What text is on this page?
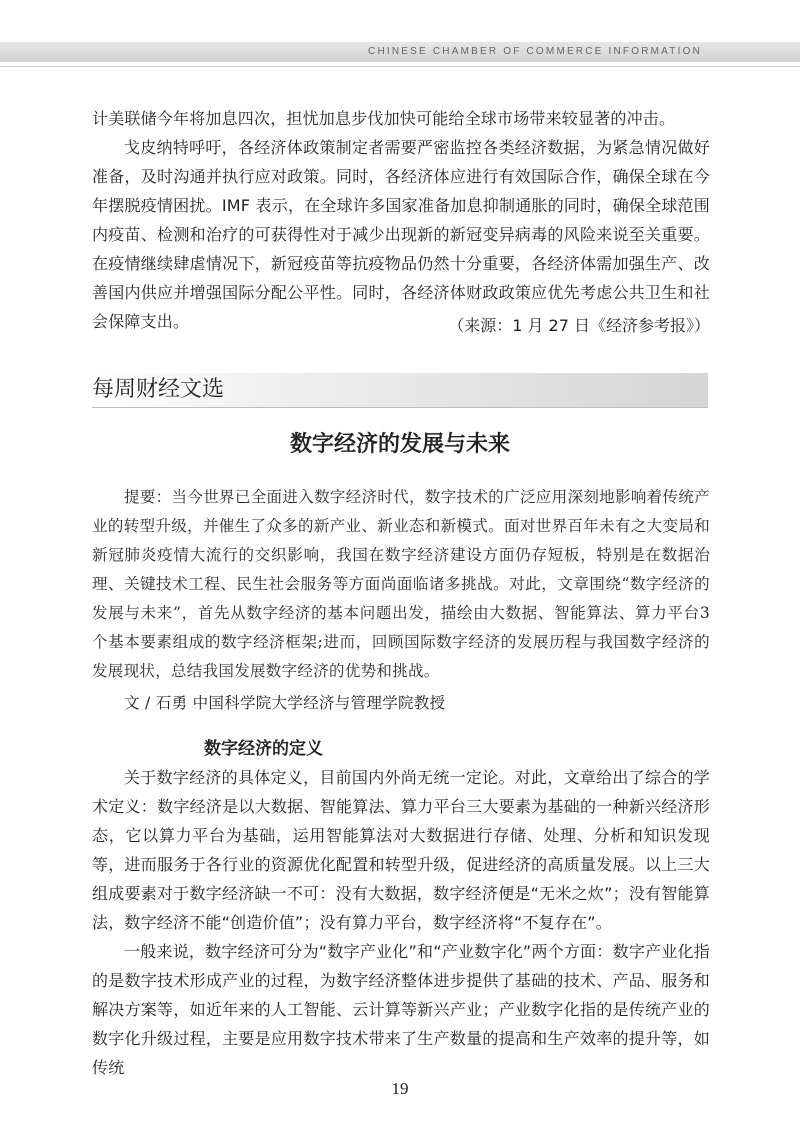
CHINESE CHAMBER OF COMMERCE INFORMATION

计美联储今年将加息四次，担忧加息步伐加快可能给全球市场带来较显著的冲击。

戈皮纳特呼吁，各经济体政策制定者需要严密监控各类经济数据，为紧急情况做好准备，及时沟通并执行应对政策。同时，各经济体应进行有效国际合作，确保全球在今年摆脱疫情困扰。IMF 表示，在全球许多国家准备加息抑制通胀的同时，确保全球范围内疫苗、检测和治疗的可获得性对于减少出现新的新冠变异病毒的风险来说至关重要。在疫情继续肆虐情况下，新冠疫苗等抗疫物品仍然十分重要，各经济体需加强生产、改善国内供应并增强国际分配公平性。同时，各经济体财政政策应优先考虑公共卫生和社会保障支出。	（来源：1 月 27 日《经济参考报》）
每周财经文选
数字经济的发展与未来

提要：当今世界已全面进入数字经济时代，数字技术的广泛应用深刻地影响着传统产业的转型升级，并催生了众多的新产业、新业态和新模式。面对世界百年未有之大变局和新冠肺炎疫情大流行的交织影响，我国在数字经济建设方面仍存短板，特别是在数据治理、关键技术工程、民生社会服务等方面尚面临诸多挑战。对此，文章围绕“数字经济的发展与未来”，首先从数字经济的基本问题出发，描绘由大数据、智能算法、算力平台3个基本要素组成的数字经济框架;进而，回顾国际数字经济的发展历程与我国数字经济的发展现状，总结我国发展数字经济的优势和挑战。

文 / 石勇 中国科学院大学经济与管理学院教授
数字经济的定义

关于数字经济的具体定义，目前国内外尚无统一定论。对此，文章给出了综合的学术定义：数字经济是以大数据、智能算法、算力平台三大要素为基础的一种新兴经济形态，它以算力平台为基础，运用智能算法对大数据进行存储、处理、分析和知识发现等，进而服务于各行业的资源优化配置和转型升级，促进经济的高质量发展。以上三大组成要素对于数字经济缺一不可：没有大数据，数字经济便是“无米之炊”；没有智能算法，数字经济不能“创造价值”；没有算力平台，数字经济将“不复存在”。

一般来说，数字经济可分为“数字产业化”和“产业数字化”两个方面：数字产业化指的是数字技术形成产业的过程，为数字经济整体进步提供了基础的技术、产品、服务和解决方案等，如近年来的人工智能、云计算等新兴产业；产业数字化指的是传统产业的数字化升级过程，主要是应用数字技术带来了生产数量的提高和生产效率的提升等，如传统

19
